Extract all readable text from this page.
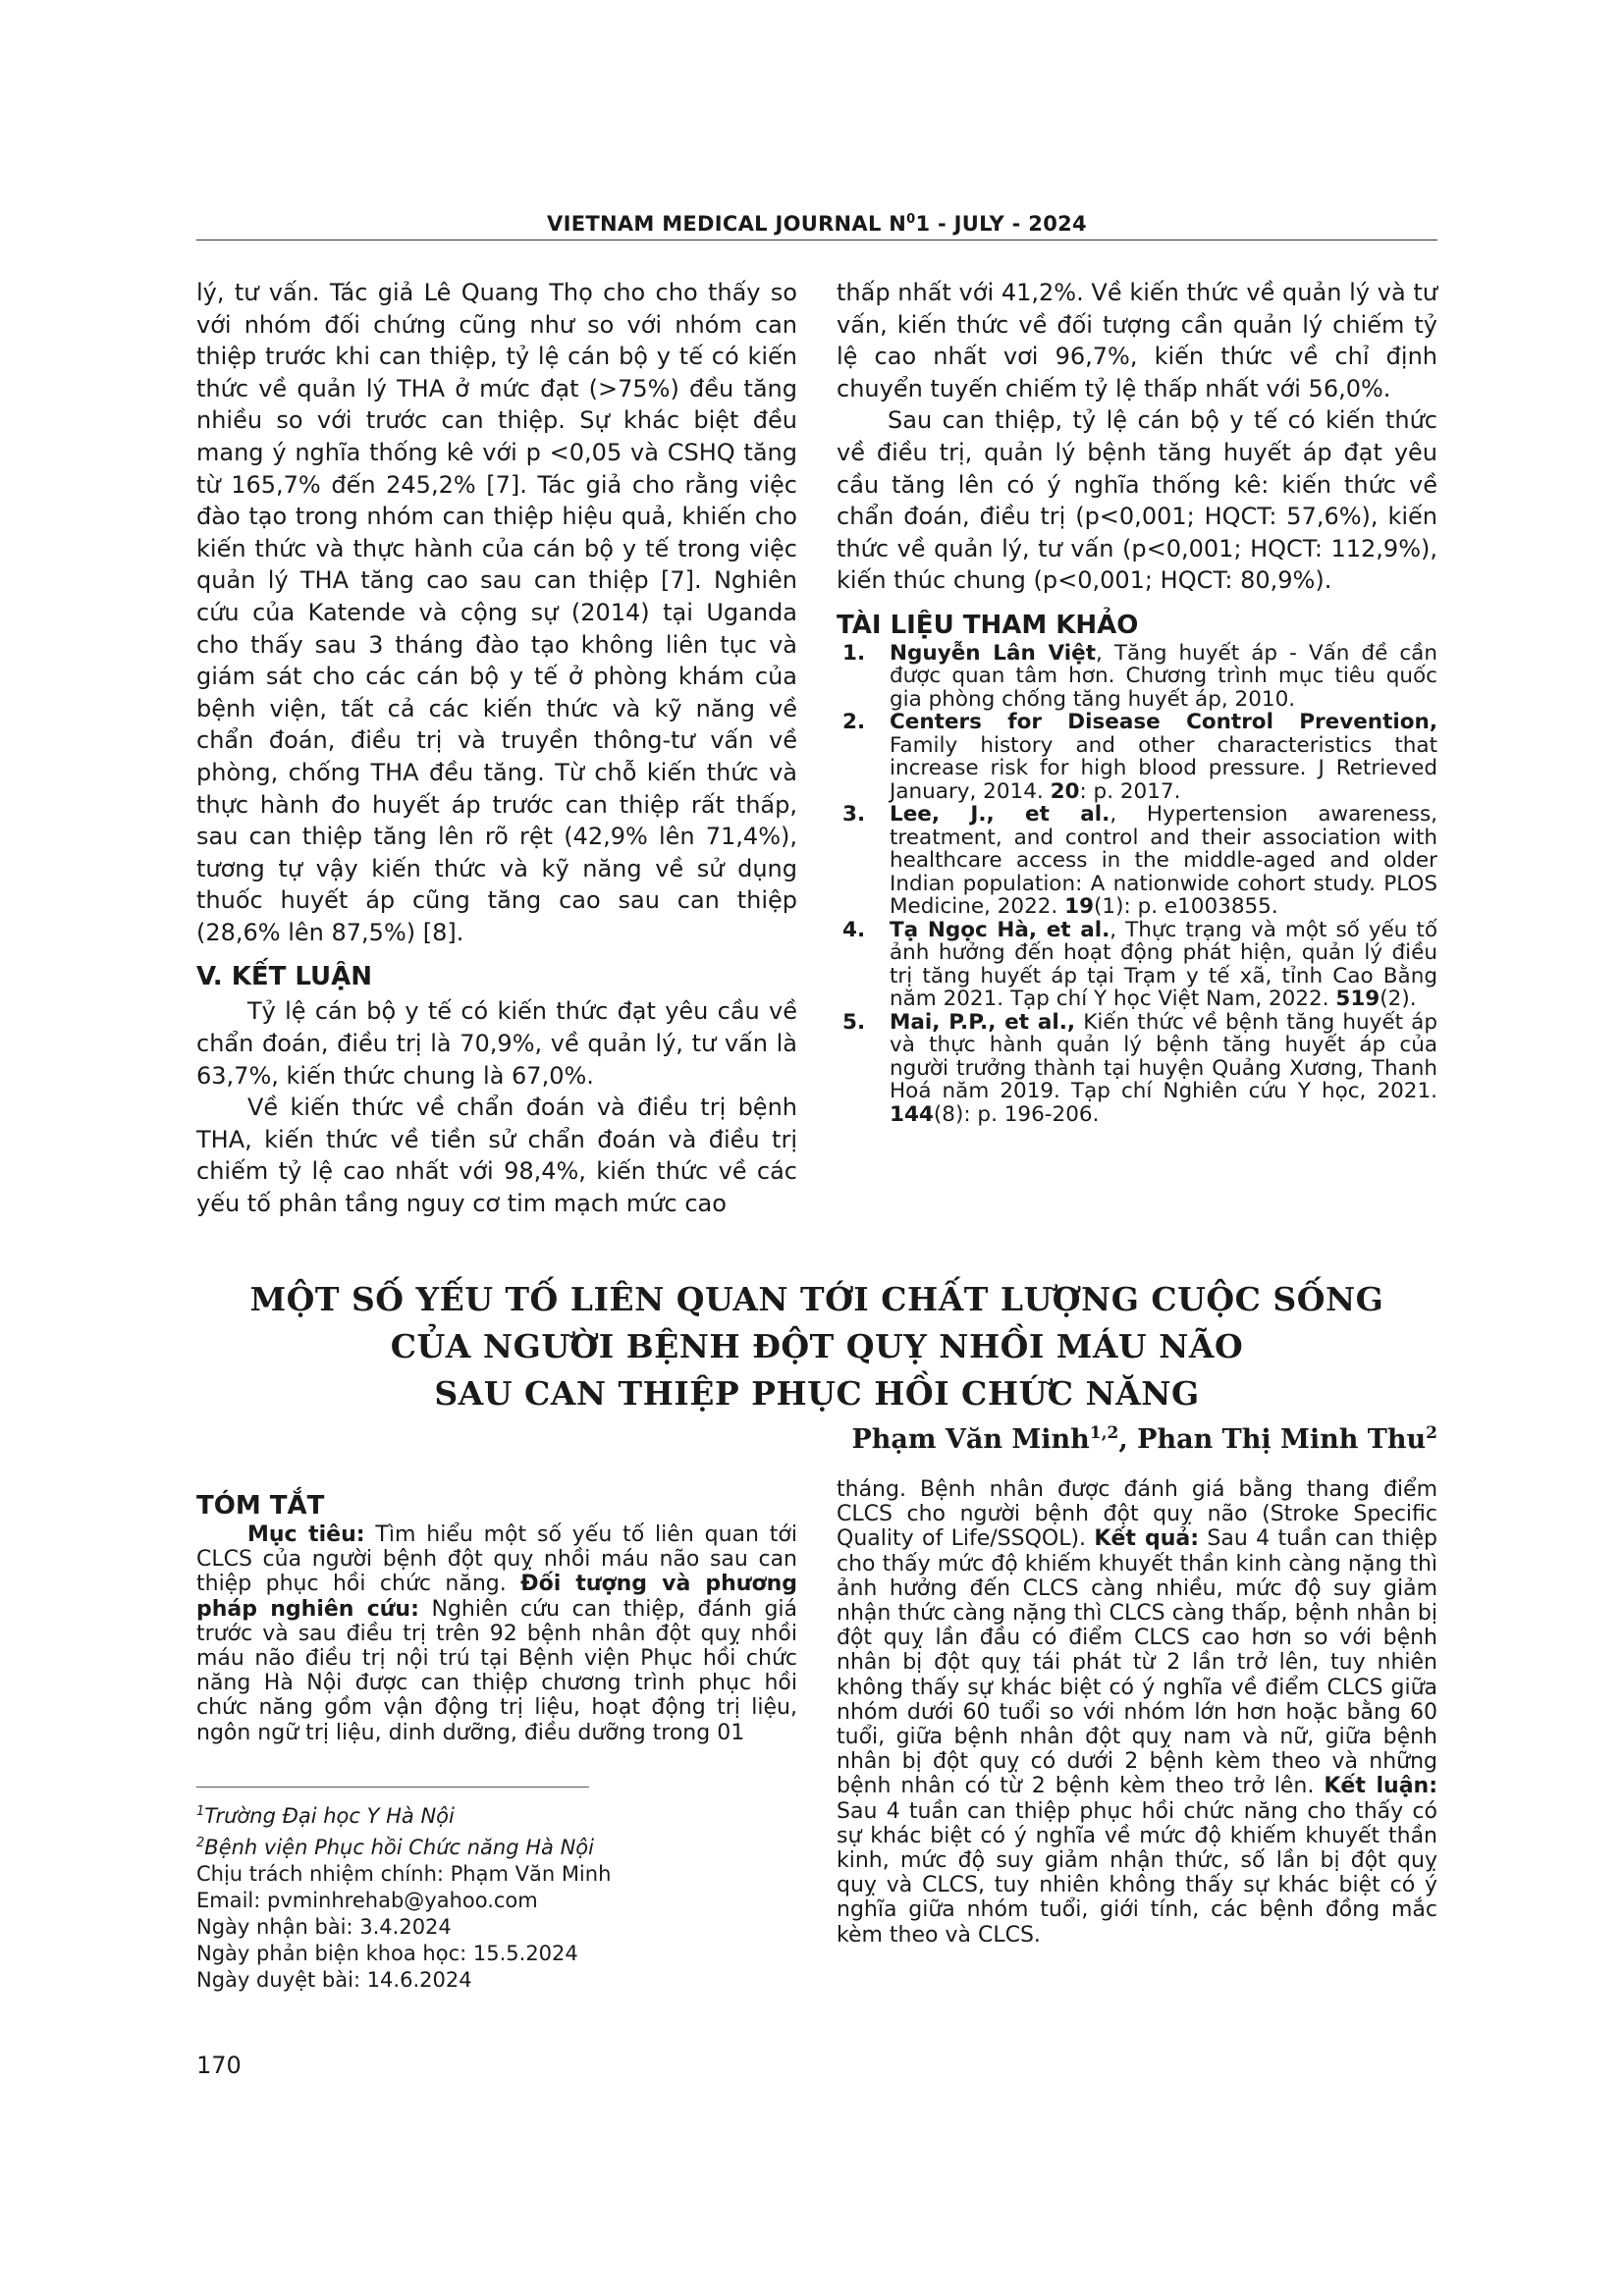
VIETNAM MEDICAL JOURNAL $N^01$ - JULY - 2024

lý, tư vấn. Tác giả Lê Quang Thọ cho cho thấy so với nhóm đối chứng cũng như so với nhóm can thiệp trước khi can thiệp, tỷ lệ cán bộ y tế có kiến thức về quản lý THA ở mức đạt (>75%) đều tăng nhiều so với trước can thiệp. Sự khác biệt đều mang ý nghĩa thống kê với p <0,05 và CSHQ tăng từ 165,7% đến 245,2% [7]. Tác giả cho rằng việc đào tạo trong nhóm can thiệp hiệu quả, khiến cho kiến thức và thực hành của cán bộ y tế trong việc quản lý THA tăng cao sau can thiệp [7]. Nghiên cứu của Katende và cộng sự (2014) tại Uganda cho thấy sau 3 tháng đào tạo không liên tục và giám sát cho các cán bộ y tế ở phòng khám của bệnh viện, tất cả các kiến thức và kỹ năng về chẩn đoán, điều trị và truyền thông-tư vấn về phòng, chống THA đều tăng. Từ chỗ kiến thức và thực hành đo huyết áp trước can thiệp rất thấp, sau can thiệp tăng lên rõ rệt (42,9% lên 71,4%), tương tự vậy kiến thức và kỹ năng về sử dụng thuốc huyết áp cũng tăng cao sau can thiệp (28,6% lên 87,5%) [8].

V. KẾT LUẬN

Tỷ lệ cán bộ y tế có kiến thức đạt yêu cầu về chẩn đoán, điều trị là 70,9%, về quản lý, tư vấn là 63,7%, kiến thức chung là 67,0%.

Về kiến thức về chẩn đoán và điều trị bệnh THA, kiến thức về tiền sử chẩn đoán và điều trị chiếm tỷ lệ cao nhất với 98,4%, kiến thức về các yếu tố phân tầng nguy cơ tim mạch mức cao

thấp nhất với 41,2%. Về kiến thức về quản lý và tư vấn, kiến thức về đối tượng cần quản lý chiếm tỷ lệ cao nhất vơi 96,7%, kiến thức về chỉ định chuyển tuyến chiếm tỷ lệ thấp nhất với 56,0%.

Sau can thiệp, tỷ lệ cán bộ y tế có kiến thức về điều trị, quản lý bệnh tăng huyết áp đạt yêu cầu tăng lên có ý nghĩa thống kê: kiến thức về chẩn đoán, điều trị (p<0,001; HQCT: 57,6%), kiến thức về quản lý, tư vấn (p<0,001; HQCT: 112,9%), kiến thúc chung (p<0,001; HQCT: 80,9%).

TÀI LIỆU THAM KHẢO
1.	Nguyễn Lân Việt, Tăng huyết áp - Vấn đề cần được quan tâm hơn. Chương trình mục tiêu quốc gia phòng chống tăng huyết áp, 2010.
2.	Centers for Disease Control Prevention, Family history and other characteristics that increase risk for high blood pressure. J Retrieved January, 2014. 20: p. 2017.
3.	Lee, J., et al., Hypertension awareness, treatment, and control and their association with healthcare access in the middle-aged and older Indian population: A nationwide cohort study. PLOS Medicine, 2022. 19(1): p. e1003855.
4.	Tạ Ngọc Hà, et al., Thực trạng và một số yếu tố ảnh hưởng đến hoạt động phát hiện, quản lý điều trị tăng huyết áp tại Trạm y tế xã, tỉnh Cao Bằng năm 2021. Tạp chí Y học Việt Nam, 2022. 519(2).
5.	Mai, P.P., et al., Kiến thức về bệnh tăng huyết áp và thực hành quản lý bệnh tăng huyết áp của người trưởng thành tại huyện Quảng Xương, Thanh Hoá năm 2019. Tạp chí Nghiên cứu Y học, 2021. 144(8): p. 196-206.
MỘT SỐ YẾU TỐ LIÊN QUAN TỚI CHẤT LƯỢNG CUỘC SỐNG
CỦA NGƯỜI BỆNH ĐỘT QUỴ NHỒI MÁU NÃO
SAU CAN THIỆP PHỤC HỒI CHỨC NĂNG
Phạm Văn Minh$^{1,2}$, Phan Thị Minh Thu$^2$
TÓM TẮT

Mục tiêu: Tìm hiểu một số yếu tố liên quan tới CLCS của người bệnh đột quỵ nhồi máu não sau can thiệp phục hồi chức năng. Đối tượng và phương pháp nghiên cứu: Nghiên cứu can thiệp, đánh giá trước và sau điều trị trên 92 bệnh nhân đột quỵ nhồi máu não điều trị nội trú tại Bệnh viện Phục hồi chức năng Hà Nội được can thiệp chương trình phục hồi chức năng gồm vận động trị liệu, hoạt động trị liệu, ngôn ngữ trị liệu, dinh dưỡng, điều dưỡng trong 01

tháng. Bệnh nhân được đánh giá bằng thang điểm CLCS cho người bệnh đột quỵ não (Stroke Specific Quality of Life/SSQOL). Kết quả: Sau 4 tuần can thiệp cho thấy mức độ khiếm khuyết thần kinh càng nặng thì ảnh hưởng đến CLCS càng nhiều, mức độ suy giảm nhận thức càng nặng thì CLCS càng thấp, bệnh nhân bị đột quỵ lần đầu có điểm CLCS cao hơn so với bệnh nhân bị đột quỵ tái phát từ 2 lần trở lên, tuy nhiên không thấy sự khác biệt có ý nghĩa về điểm CLCS giữa nhóm dưới 60 tuổi so với nhóm lớn hơn hoặc bằng 60 tuổi, giữa bệnh nhân đột quỵ nam và nữ, giữa bệnh nhân bị đột quỵ có dưới 2 bệnh kèm theo và những bệnh nhân có từ 2 bệnh kèm theo trở lên. Kết luận: Sau 4 tuần can thiệp phục hồi chức năng cho thấy có sự khác biệt có ý nghĩa về mức độ khiếm khuyết thần kinh, mức độ suy giảm nhận thức, số lần bị đột quỵ quỵ và CLCS, tuy nhiên không thấy sự khác biệt có ý nghĩa giữa nhóm tuổi, giới tính, các bệnh đồng mắc kèm theo và CLCS.

$^1$Trường Đại học Y Hà Nội
$^2$Bệnh viện Phục hồi Chức năng Hà Nội
Chịu trách nhiệm chính: Phạm Văn Minh
Email: pvminhrehab@yahoo.com
Ngày nhận bài: 3.4.2024
Ngày phản biện khoa học: 15.5.2024
Ngày duyệt bài: 14.6.2024
170
